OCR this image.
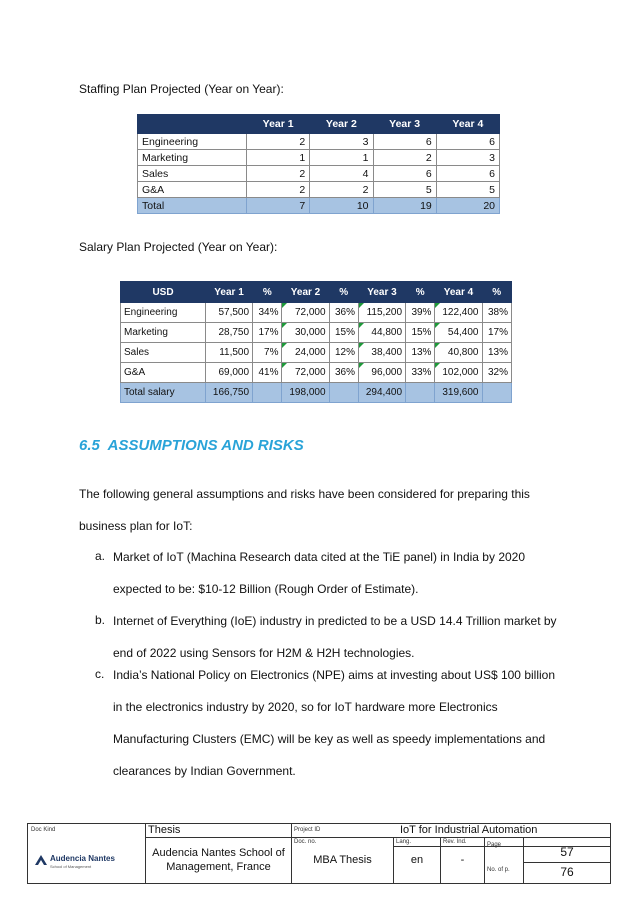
Staffing Plan Projected (Year on Year):
	Year 1	Year 2	Year 3	Year 4
Engineering	2	3	6	6
Marketing	1	1	2	3
Sales	2	4	6	6
G&A	2	2	5	5
Total	7	10	19	20
Salary Plan Projected (Year on Year):
USD	Year 1	%	Year 2	%	Year 3	%	Year 4	%
Engineering	57,500	34%	72,000	36%	115,200	39%	122,400	38%
Marketing	28,750	17%	30,000	15%	44,800	15%	54,400	17%
Sales	11,500	7%	24,000	12%	38,400	13%	40,800	13%
G&A	69,000	41%	72,000	36%	96,000	33%	102,000	32%
Total salary	166,750		198,000		294,400		319,600	
6.5  ASSUMPTIONS AND RISKS
The following general assumptions and risks have been considered for preparing this
business plan for IoT:
a. Market of IoT (Machina Research data cited at the TiE panel) in India by 2020
expected to be: $10-12 Billion (Rough Order of Estimate).
b. Internet of Everything (IoE) industry in predicted to be a USD 14.4 Trillion market by
end of 2022 using Sensors for H2M & H2H technologies.
c. India’s National Policy on Electronics (NPE) aims at investing about US$ 100 billion
in the electronics industry by 2020, so for IoT hardware more Electronics
Manufacturing Clusters (EMC) will be key as well as speedy implementations and
clearances by Indian Government.
Doc Kind	Thesis	Project ID	IoT for Industrial Automation
Audencia Nantes
School of Management
Audencia Nantes School of
Management, France
Doc. no.
MBA Thesis
Lang.
en
Rev. Ind.
-
Page	57
No. of p.	76
